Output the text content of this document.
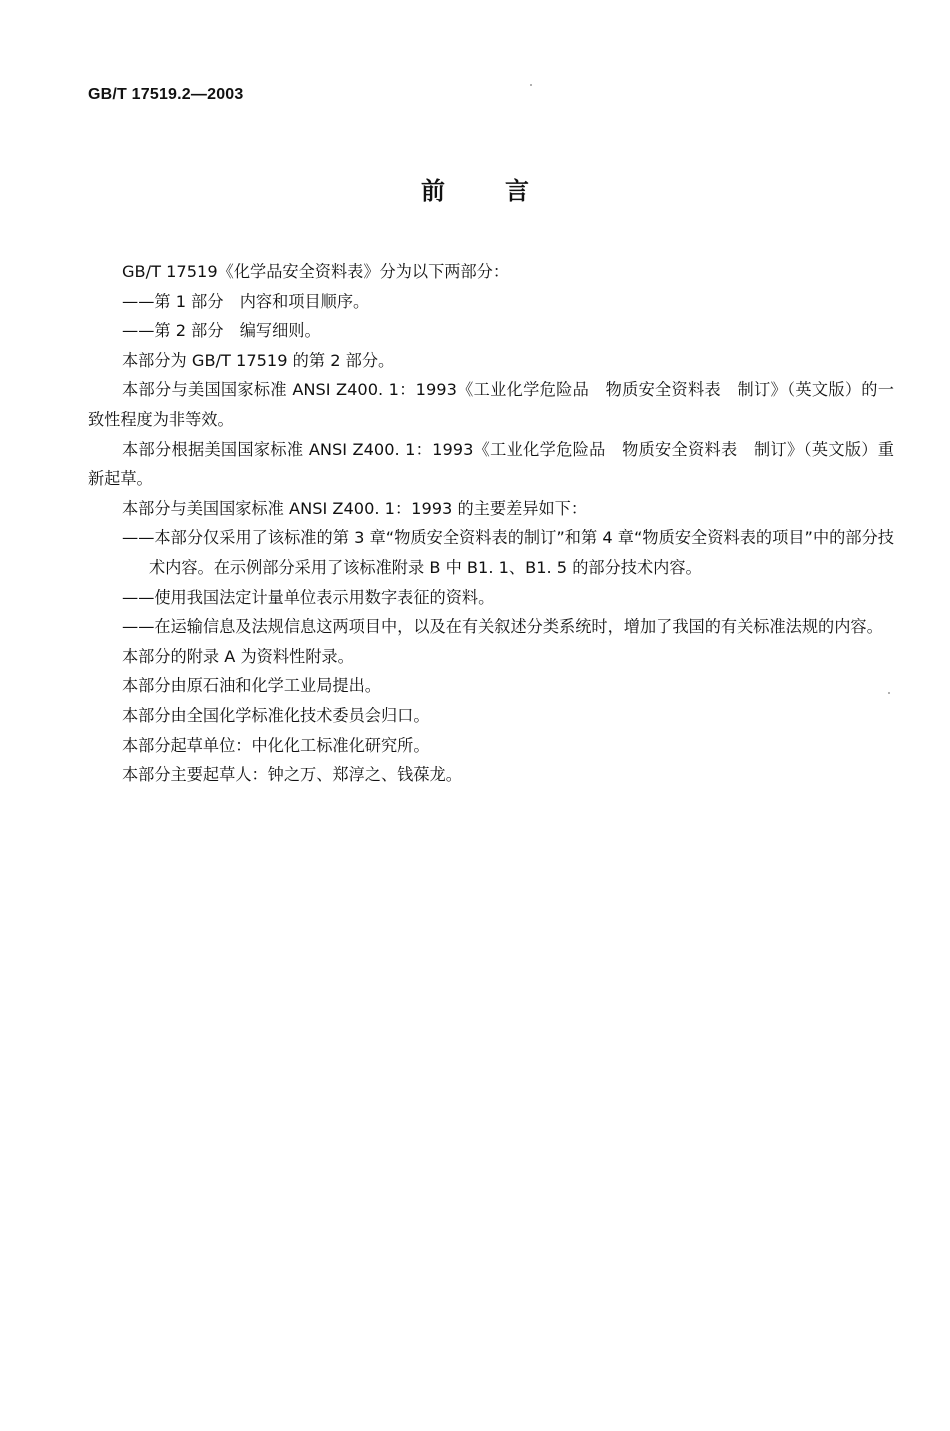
GB/T 17519.2—2003
前	言

GB/T 17519《化学品安全资料表》分为以下两部分：

——第 1 部分　内容和项目顺序。

——第 2 部分　编写细则。

本部分为 GB/T 17519 的第 2 部分。

本部分与美国国家标准 ANSI Z400. 1：1993《工业化学危险品　物质安全资料表　制订》（英文版）的一致性程度为非等效。

本部分根据美国国家标准 ANSI Z400. 1：1993《工业化学危险品　物质安全资料表　制订》（英文版）重新起草。

本部分与美国国家标准 ANSI Z400. 1：1993 的主要差异如下：

——本部分仅采用了该标准的第 3 章“物质安全资料表的制订”和第 4 章“物质安全资料表的项目”中的部分技术内容。在示例部分采用了该标准附录 B 中 B1. 1、B1. 5 的部分技术内容。

——使用我国法定计量单位表示用数字表征的资料。

——在运输信息及法规信息这两项目中，以及在有关叙述分类系统时，增加了我国的有关标准法规的内容。

本部分的附录 A 为资料性附录。

本部分由原石油和化学工业局提出。

本部分由全国化学标准化技术委员会归口。

本部分起草单位：中化化工标准化研究所。

本部分主要起草人：钟之万、郑淳之、钱葆龙。
